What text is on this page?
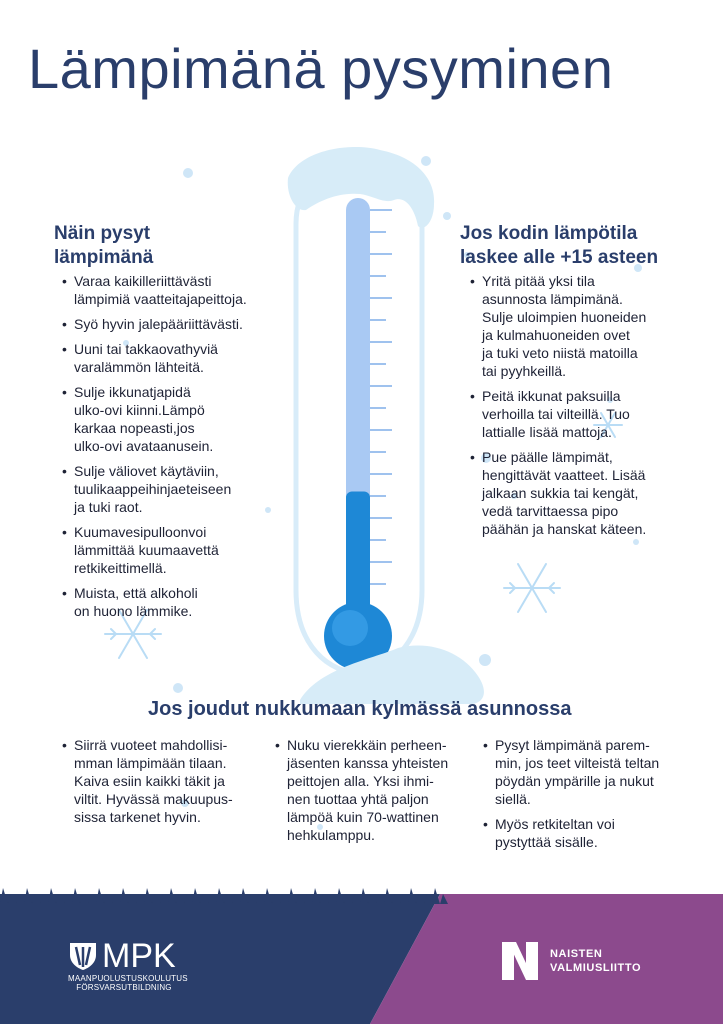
Lämpimänä pysyminen
Näin pysyt
lämpimänä
• Varaa kaikilleriittävästi
lämpimiä vaatteitajapeittoja.
• Syö hyvin jalepääriittävästi.
• Uuni tai takkaovathyviä
varalämmön lähteitä.
• Sulje ikkunatjapidä
ulko-ovi kiinni.Lämpö
karkaa nopeasti,jos
ulko-ovi avataanusein.
• Sulje väliovet käytäviin,
tuulikaappeihinjaeteiseen
ja tuki raot.
• Kuumavesipulloonvoi
lämmittää kuumaavettä
retkikeittimellä.
• Muista, että alkoholi
on huono lämmike.
Jos kodin lämpötila
laskee alle +15 asteen
• Yritä pitää yksi tila
asunnosta lämpimänä.
Sulje uloimpien huoneiden
ja kulmahuoneiden ovet
ja tuki veto niistä matoilla
tai pyyhkeillä.
• Peitä ikkunat paksuilla
verhoilla tai vilteillä. Tuo
lattialle lisää mattoja.
• Pue päälle lämpimät,
hengittävät vaatteet. Lisää
jalkaan sukkia tai kengät,
vedä tarvittaessa pipo
päähän ja hanskat käteen.
Jos joudut nukkumaan kylmässä asunnossa
• Siirrä vuoteet mahdollisi-
mman lämpimään tilaan.
Kaiva esiin kaikki täkit ja
viltit. Hyvässä makuupus-
sissa tarkenet hyvin.
• Nuku vierekkäin perheen-
jäsenten kanssa yhteisten
peittojen alla. Yksi ihmi-
nen tuottaa yhtä paljon
lämpöä kuin 70-wattinen
hehkulamppu.
• Pysyt lämpimänä parem-
min, jos teet vilteistä teltan
pöydän ympärille ja nukut
siellä.
• Myös retkiteltan voi
pystyttää sisälle.
MPK
MAANPUOLUSTUSKOULUTUS
FÖRSVARSUTBILDNING
NAISTEN
VALMIUSLIITTO
